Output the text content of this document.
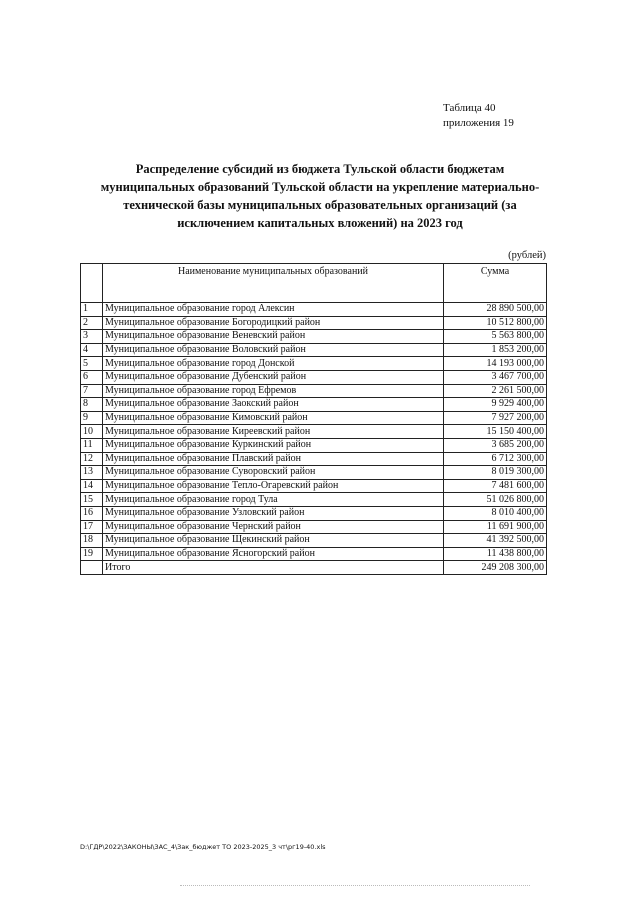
Таблица 40
приложения 19
Распределение субсидий из бюджета Тульской области бюджетам
муниципальных образований Тульской области на укрепление материально-
технической базы муниципальных образовательных организаций (за
исключением капитальных вложений) на 2023 год
(рублей)
	Наименование муниципальных образований	Сумма
1	Муниципальное образование город Алексин	28 890 500,00
2	Муниципальное образование Богородицкий район	10 512 800,00
3	Муниципальное образование Веневский район	5 563 800,00
4	Муниципальное образование Воловский район	1 853 200,00
5	Муниципальное образование город Донской	14 193 000,00
6	Муниципальное образование Дубенский район	3 467 700,00
7	Муниципальное образование город Ефремов	2 261 500,00
8	Муниципальное образование Заокский район	9 929 400,00
9	Муниципальное образование Кимовский район	7 927 200,00
10	Муниципальное образование Киреевский район	15 150 400,00
11	Муниципальное образование Куркинский район	3 685 200,00
12	Муниципальное образование Плавский район	6 712 300,00
13	Муниципальное образование Суворовский район	8 019 300,00
14	Муниципальное образование Тепло-Огаревский район	7 481 600,00
15	Муниципальное образование город Тула	51 026 800,00
16	Муниципальное образование Узловский район	8 010 400,00
17	Муниципальное образование Чернский район	11 691 900,00
18	Муниципальное образование Щекинский район	41 392 500,00
19	Муниципальное образование Ясногорский район	11 438 800,00
	Итого	249 208 300,00
D:\ГДР\2022\ЗАКОНЫ\ЗАС_4\Зак_бюджет ТО 2023-2025_3 чт\рг19-40.xls
